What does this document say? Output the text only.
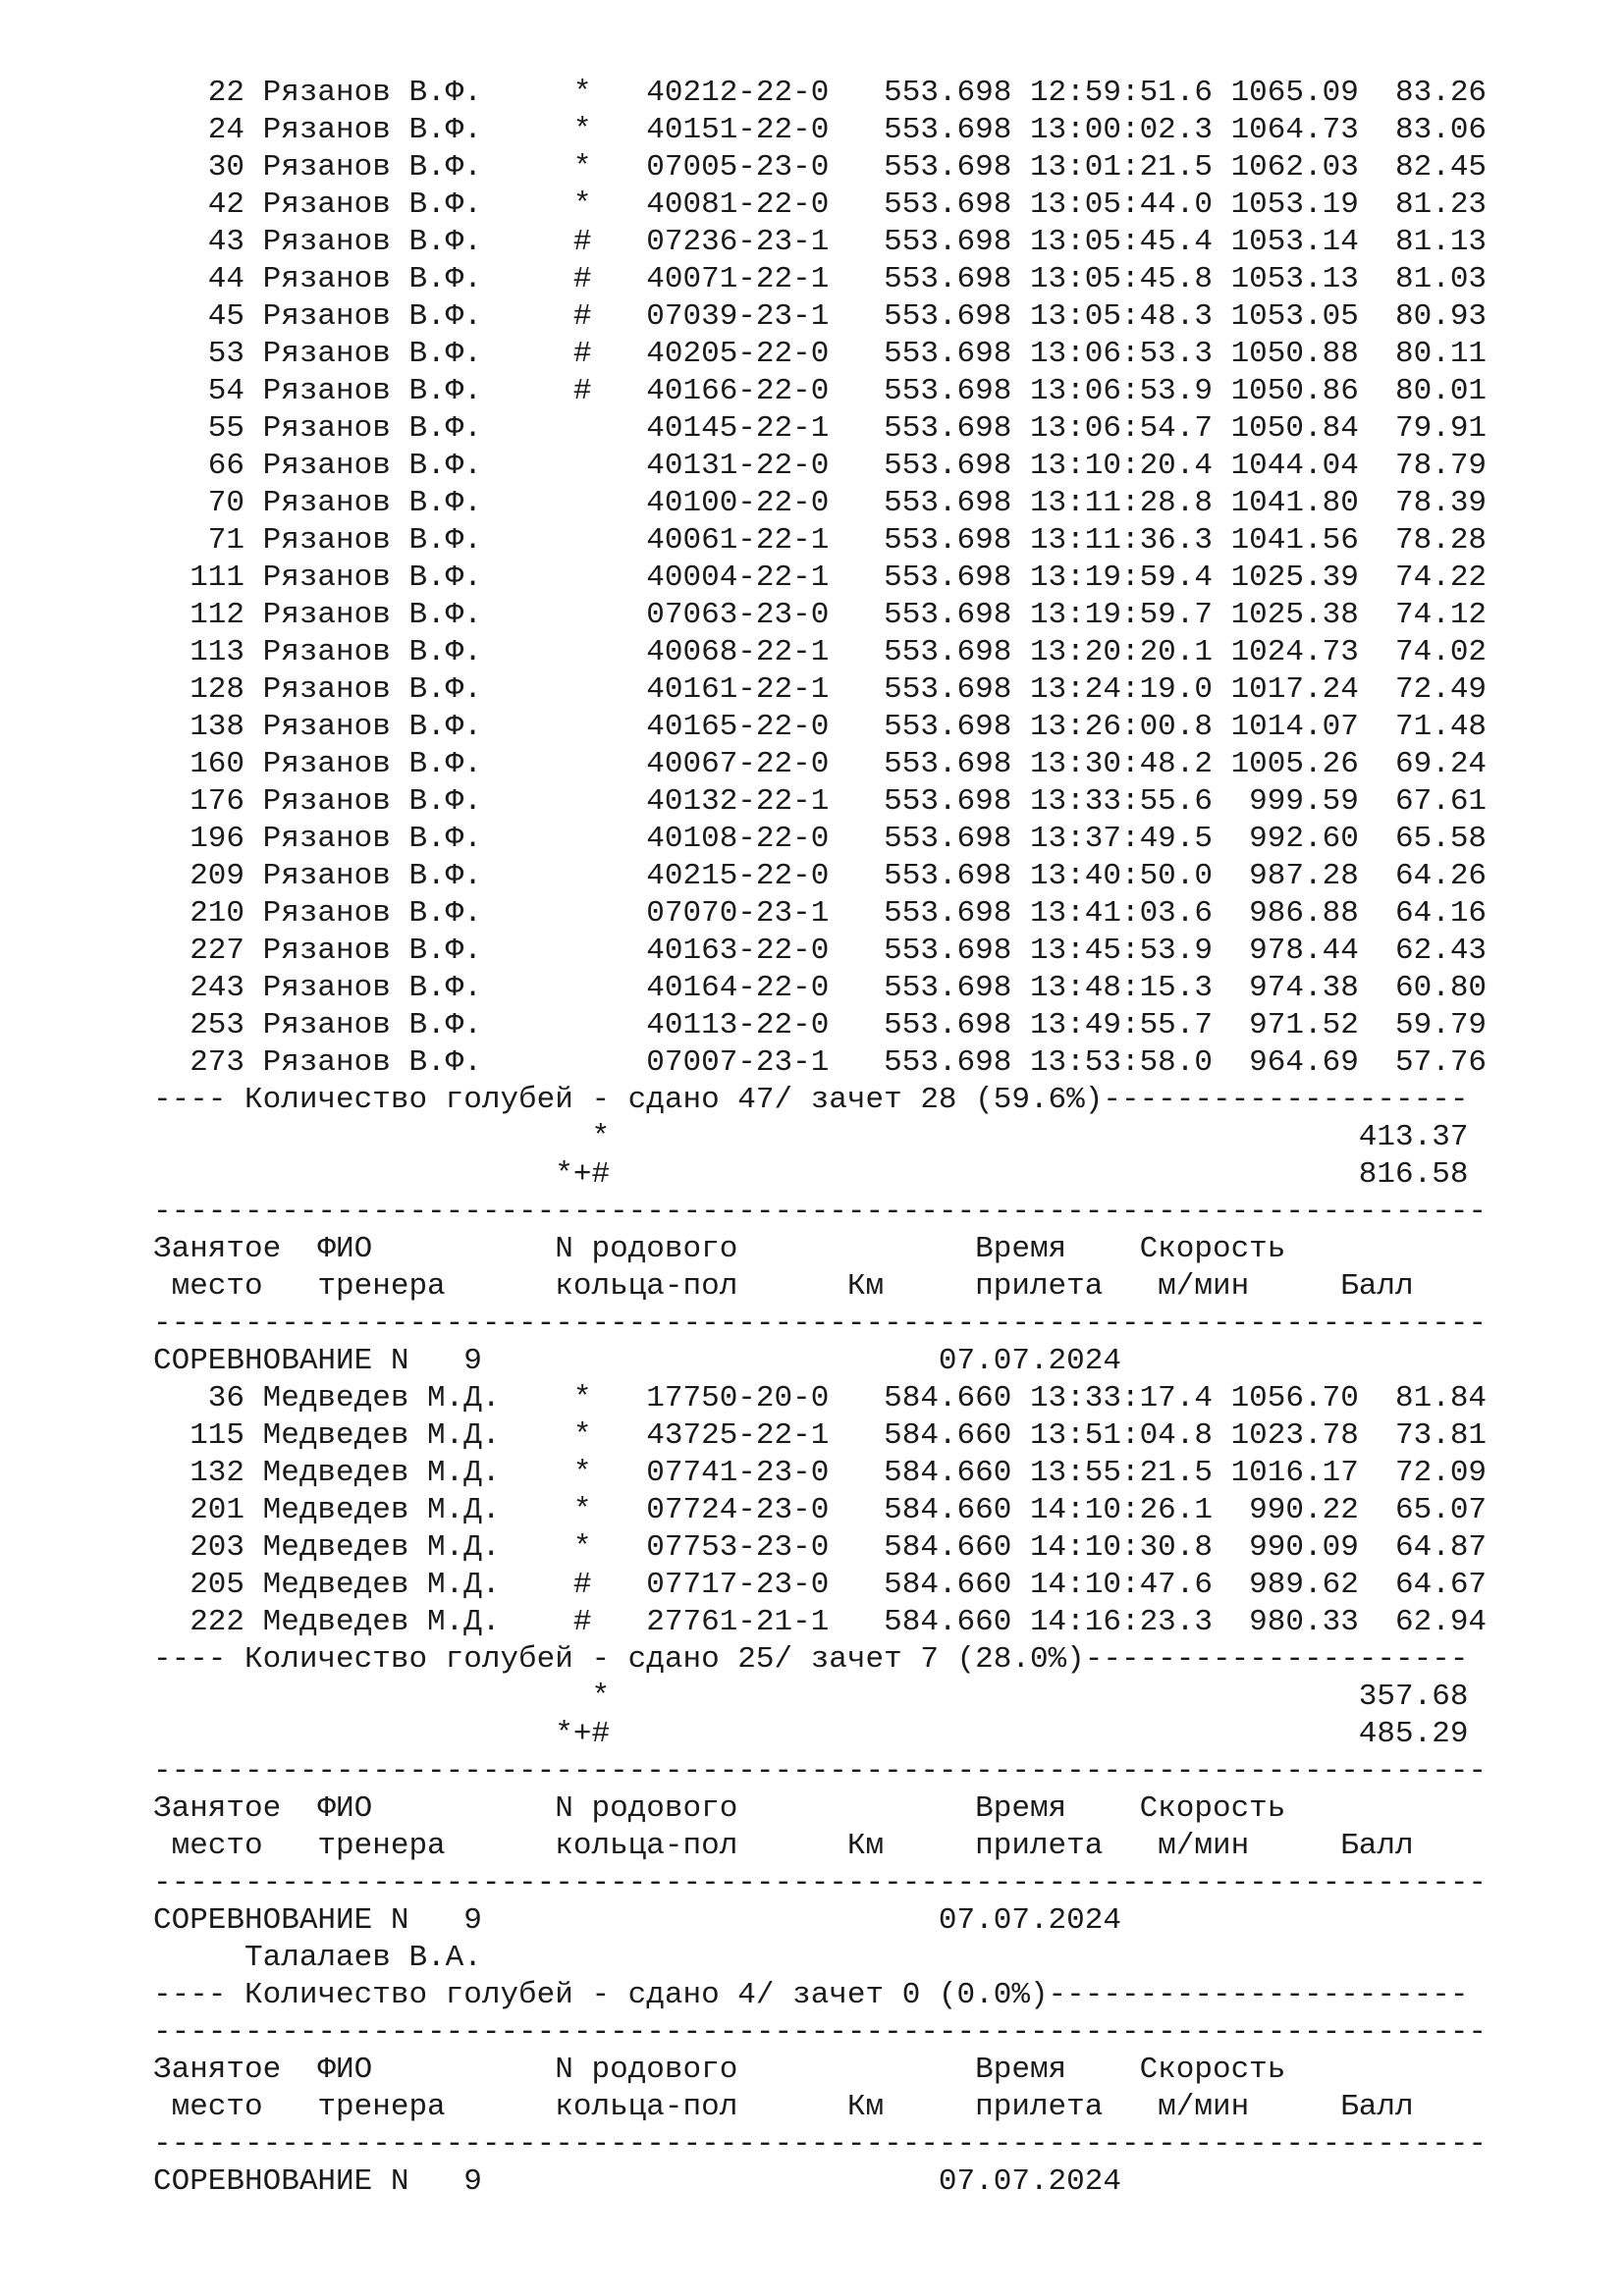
22 Рязанов В.Ф.     *   40212-22-0   553.698 12:59:51.6 1065.09  83.26
24 Рязанов В.Ф.     *   40151-22-0   553.698 13:00:02.3 1064.73  83.06
30 Рязанов В.Ф.     *   07005-23-0   553.698 13:01:21.5 1062.03  82.45
42 Рязанов В.Ф.     *   40081-22-0   553.698 13:05:44.0 1053.19  81.23
43 Рязанов В.Ф.     #   07236-23-1   553.698 13:05:45.4 1053.14  81.13
44 Рязанов В.Ф.     #   40071-22-1   553.698 13:05:45.8 1053.13  81.03
45 Рязанов В.Ф.     #   07039-23-1   553.698 13:05:48.3 1053.05  80.93
53 Рязанов В.Ф.     #   40205-22-0   553.698 13:06:53.3 1050.88  80.11
54 Рязанов В.Ф.     #   40166-22-0   553.698 13:06:53.9 1050.86  80.01
55 Рязанов В.Ф.         40145-22-1   553.698 13:06:54.7 1050.84  79.91
66 Рязанов В.Ф.         40131-22-0   553.698 13:10:20.4 1044.04  78.79
70 Рязанов В.Ф.         40100-22-0   553.698 13:11:28.8 1041.80  78.39
71 Рязанов В.Ф.         40061-22-1   553.698 13:11:36.3 1041.56  78.28
111 Рязанов В.Ф.         40004-22-1   553.698 13:19:59.4 1025.39  74.22
112 Рязанов В.Ф.         07063-23-0   553.698 13:19:59.7 1025.38  74.12
113 Рязанов В.Ф.         40068-22-1   553.698 13:20:20.1 1024.73  74.02
128 Рязанов В.Ф.         40161-22-1   553.698 13:24:19.0 1017.24  72.49
138 Рязанов В.Ф.         40165-22-0   553.698 13:26:00.8 1014.07  71.48
160 Рязанов В.Ф.         40067-22-0   553.698 13:30:48.2 1005.26  69.24
176 Рязанов В.Ф.         40132-22-1   553.698 13:33:55.6  999.59  67.61
196 Рязанов В.Ф.         40108-22-0   553.698 13:37:49.5  992.60  65.58
209 Рязанов В.Ф.         40215-22-0   553.698 13:40:50.0  987.28  64.26
210 Рязанов В.Ф.         07070-23-1   553.698 13:41:03.6  986.88  64.16
227 Рязанов В.Ф.         40163-22-0   553.698 13:45:53.9  978.44  62.43
243 Рязанов В.Ф.         40164-22-0   553.698 13:48:15.3  974.38  60.80
253 Рязанов В.Ф.         40113-22-0   553.698 13:49:55.7  971.52  59.79
273 Рязанов В.Ф.         07007-23-1   553.698 13:53:58.0  964.69  57.76
---- Количество голубей - сдано 47/ зачет 28 (59.6%)--------------------
*                                         413.37
*+#                                         816.58
-------------------------------------------------------------------------
Занятое  ФИО          N родового             Время    Скорость
место   тренера      кольца-пол      Км     прилета   м/мин     Балл
-------------------------------------------------------------------------
СОРЕВНОВАНИЕ N   9                         07.07.2024
36 Медведев М.Д.    *   17750-20-0   584.660 13:33:17.4 1056.70  81.84
115 Медведев М.Д.    *   43725-22-1   584.660 13:51:04.8 1023.78  73.81
132 Медведев М.Д.    *   07741-23-0   584.660 13:55:21.5 1016.17  72.09
201 Медведев М.Д.    *   07724-23-0   584.660 14:10:26.1  990.22  65.07
203 Медведев М.Д.    *   07753-23-0   584.660 14:10:30.8  990.09  64.87
205 Медведев М.Д.    #   07717-23-0   584.660 14:10:47.6  989.62  64.67
222 Медведев М.Д.    #   27761-21-1   584.660 14:16:23.3  980.33  62.94
---- Количество голубей - сдано 25/ зачет 7 (28.0%)---------------------
*                                         357.68
*+#                                         485.29
-------------------------------------------------------------------------
Занятое  ФИО          N родового             Время    Скорость
место   тренера      кольца-пол      Км     прилета   м/мин     Балл
-------------------------------------------------------------------------
СОРЕВНОВАНИЕ N   9                         07.07.2024
Талалаев В.А.
---- Количество голубей - сдано 4/ зачет 0 (0.0%)-----------------------
-------------------------------------------------------------------------
Занятое  ФИО          N родового             Время    Скорость
место   тренера      кольца-пол      Км     прилета   м/мин     Балл
-------------------------------------------------------------------------
СОРЕВНОВАНИЕ N   9                         07.07.2024
